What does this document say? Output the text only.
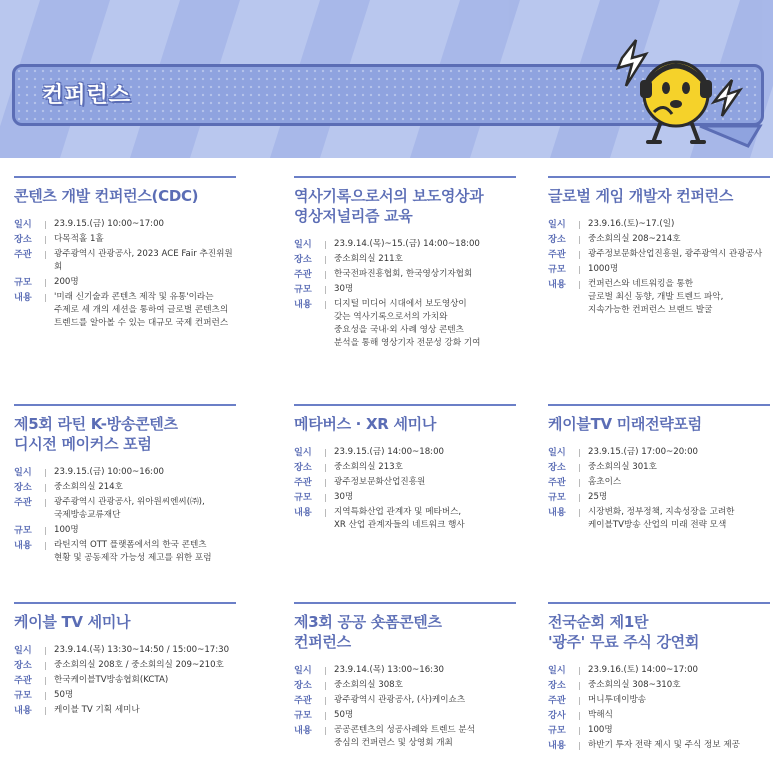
컨퍼런스
콘텐츠 개발 컨퍼런스(CDC)
일시	| 23.9.15.(금) 10:00~17:00
장소	| 다목적홀 1홀
주관	| 광주광역시 관광공사, 2023 ACE Fair 추진위원회
규모	| 200명
내용	| '미래 신기술과 콘텐츠 제작 및 유통'이라는
주제로 세 개의 세션을 통하여 글로벌 콘텐츠의
트렌드를 알아볼 수 있는 대규모 국제 컨퍼런스
역사기록으로서의 보도영상과
영상저널리즘 교육
일시	| 23.9.14.(목)~15.(금) 14:00~18:00
장소	| 중소회의실 211호
주관	| 한국전파진흥협회, 한국영상기자협회
규모	| 30명
내용	| 디지털 미디어 시대에서 보도영상이
갖는 역사기록으로서의 가치와
중요성을 국내·외 사례 영상 콘텐츠
분석을 통해 영상기자 전문성 강화 기여
글로벌 게임 개발자 컨퍼런스
일시	| 23.9.16.(토)~17.(일)
장소	| 중소회의실 208~214호
주관	| 광주정보문화산업진흥원, 광주광역시 관광공사
규모	| 1000명
내용	| 컨퍼런스와 네트워킹을 통한
글로벌 최신 동향, 개발 트렌드 파악,
지속가능한 컨퍼런스 브랜드 발굴
제5회 라틴 K-방송콘텐츠
디시전 메이커스 포럼
일시	| 23.9.15.(금) 10:00~16:00
장소	| 중소회의실 214호
주관	| 광주광역시 관광공사, 위아원씨엔씨(㈜),
국제방송교류재단
규모	| 100명
내용	| 라틴지역 OTT 플랫폼에서의 한국 콘텐츠
현황 및 공동제작 가능성 제고를 위한 포럼
메타버스 · XR 세미나
일시	| 23.9.15.(금) 14:00~18:00
장소	| 중소회의실 213호
주관	| 광주정보문화산업진흥원
규모	| 30명
내용	| 지역특화산업 관계자 및 메타버스,
XR 산업 관계자들의 네트워크 행사
케이블TV 미래전략포럼
일시	| 23.9.15.(금) 17:00~20:00
장소	| 중소회의실 301호
주관	| 홈초이스
규모	| 25명
내용	| 시장변화, 정부정책, 지속성장을 고려한
케이블TV방송 산업의 미래 전략 모색
케이블 TV 세미나
일시	| 23.9.14.(목) 13:30~14:50 / 15:00~17:30
장소	| 중소회의실 208호 / 중소회의실 209~210호
주관	| 한국케이블TV방송협회(KCTA)
규모	| 50명
내용	| 케이블 TV 기획 세미나
제3회 공공 숏폼콘텐츠
컨퍼런스
일시	| 23.9.14.(목) 13:00~16:30
장소	| 중소회의실 308호
주관	| 광주광역시 관광공사, (사)케이쇼츠
규모	| 50명
내용	| 공공콘텐츠의 성공사례와 트렌드 분석
중심의 컨퍼런스 및 상영회 개최
전국순회 제1탄
'광주' 무료 주식 강연회
일시	| 23.9.16.(토) 14:00~17:00
장소	| 중소회의실 308~310호
주관	| 머니투데이방송
강사	| 박해식
규모	| 100명
내용	| 하반기 투자 전략 제시 및 주식 정보 제공
